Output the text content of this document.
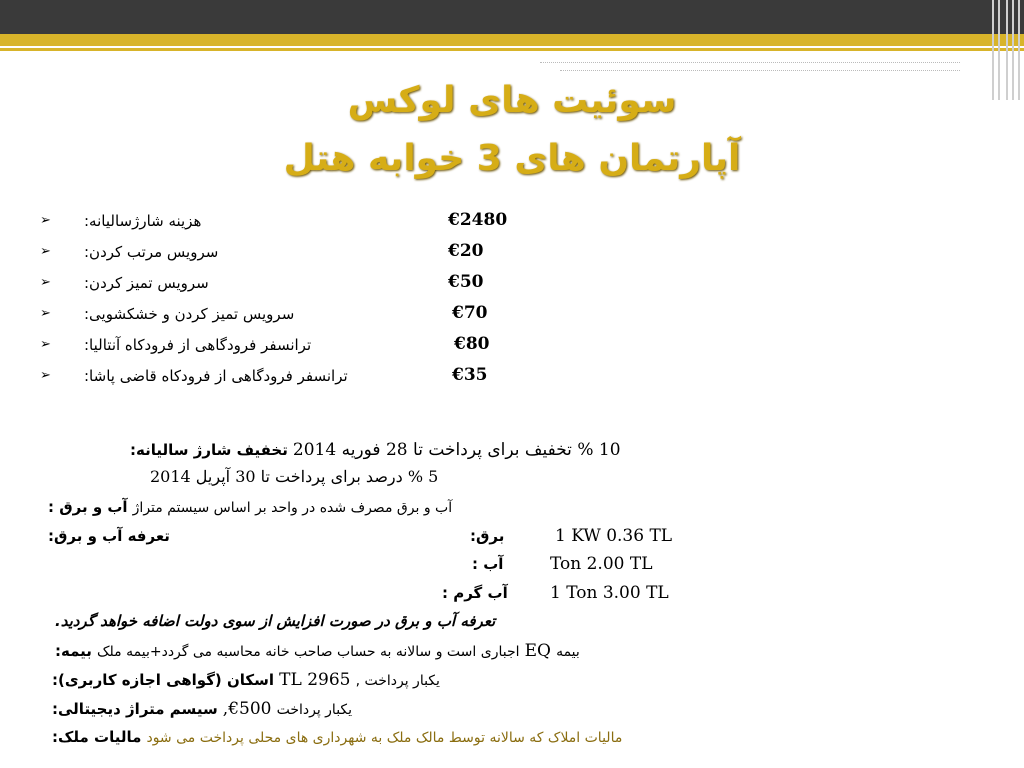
سوئیت های لوکس
آپارتمان های 3 خوابه هتل
➢ هزینه شارژسالیانه:	€2480
➢ سرویس مرتب کردن:	€20
➢ سرویس تمیز کردن:	€50
➢ سرویس تمیز کردن و خشکشویی:	€70
➢ ترانسفر فرودگاهی از فرودکاه آنتالیا:	€80
➢ ترانسفر فرودگاهی از فرودکاه قاضی پاشا:	€35
10 % تخفیف برای پرداخت تا 28 فوریه 2014 تخفیف شارژ سالیانه:
5 % درصد برای پرداخت تا 30 آپریل 2014
آب و برق مصرف شده در واحد بر اساس سیستم متراژ آب و برق :
تعرفه آب و برق:	برق:	1 KW 0.36 TL
آب :	Ton 2.00 TL
آب گرم : 1 Ton 3.00 TL
تعرفه آب و برق در صورت افزایش از سوی دولت اضافه خواهد گردید.
بیمه EQ اجباری است و سالانه به حساب صاحب خانه محاسبه می گردد+بیمه ملک بیمه:
یکبار پرداخت , 2965 TL اسکان (گواهی اجازه کاربری):
یکبار پرداخت 500€, سیسم متراژ دیجیتالی:
مالیات املاک که سالانه توسط مالک ملک به شهرداری های محلی پرداخت می شود مالیات ملک:
